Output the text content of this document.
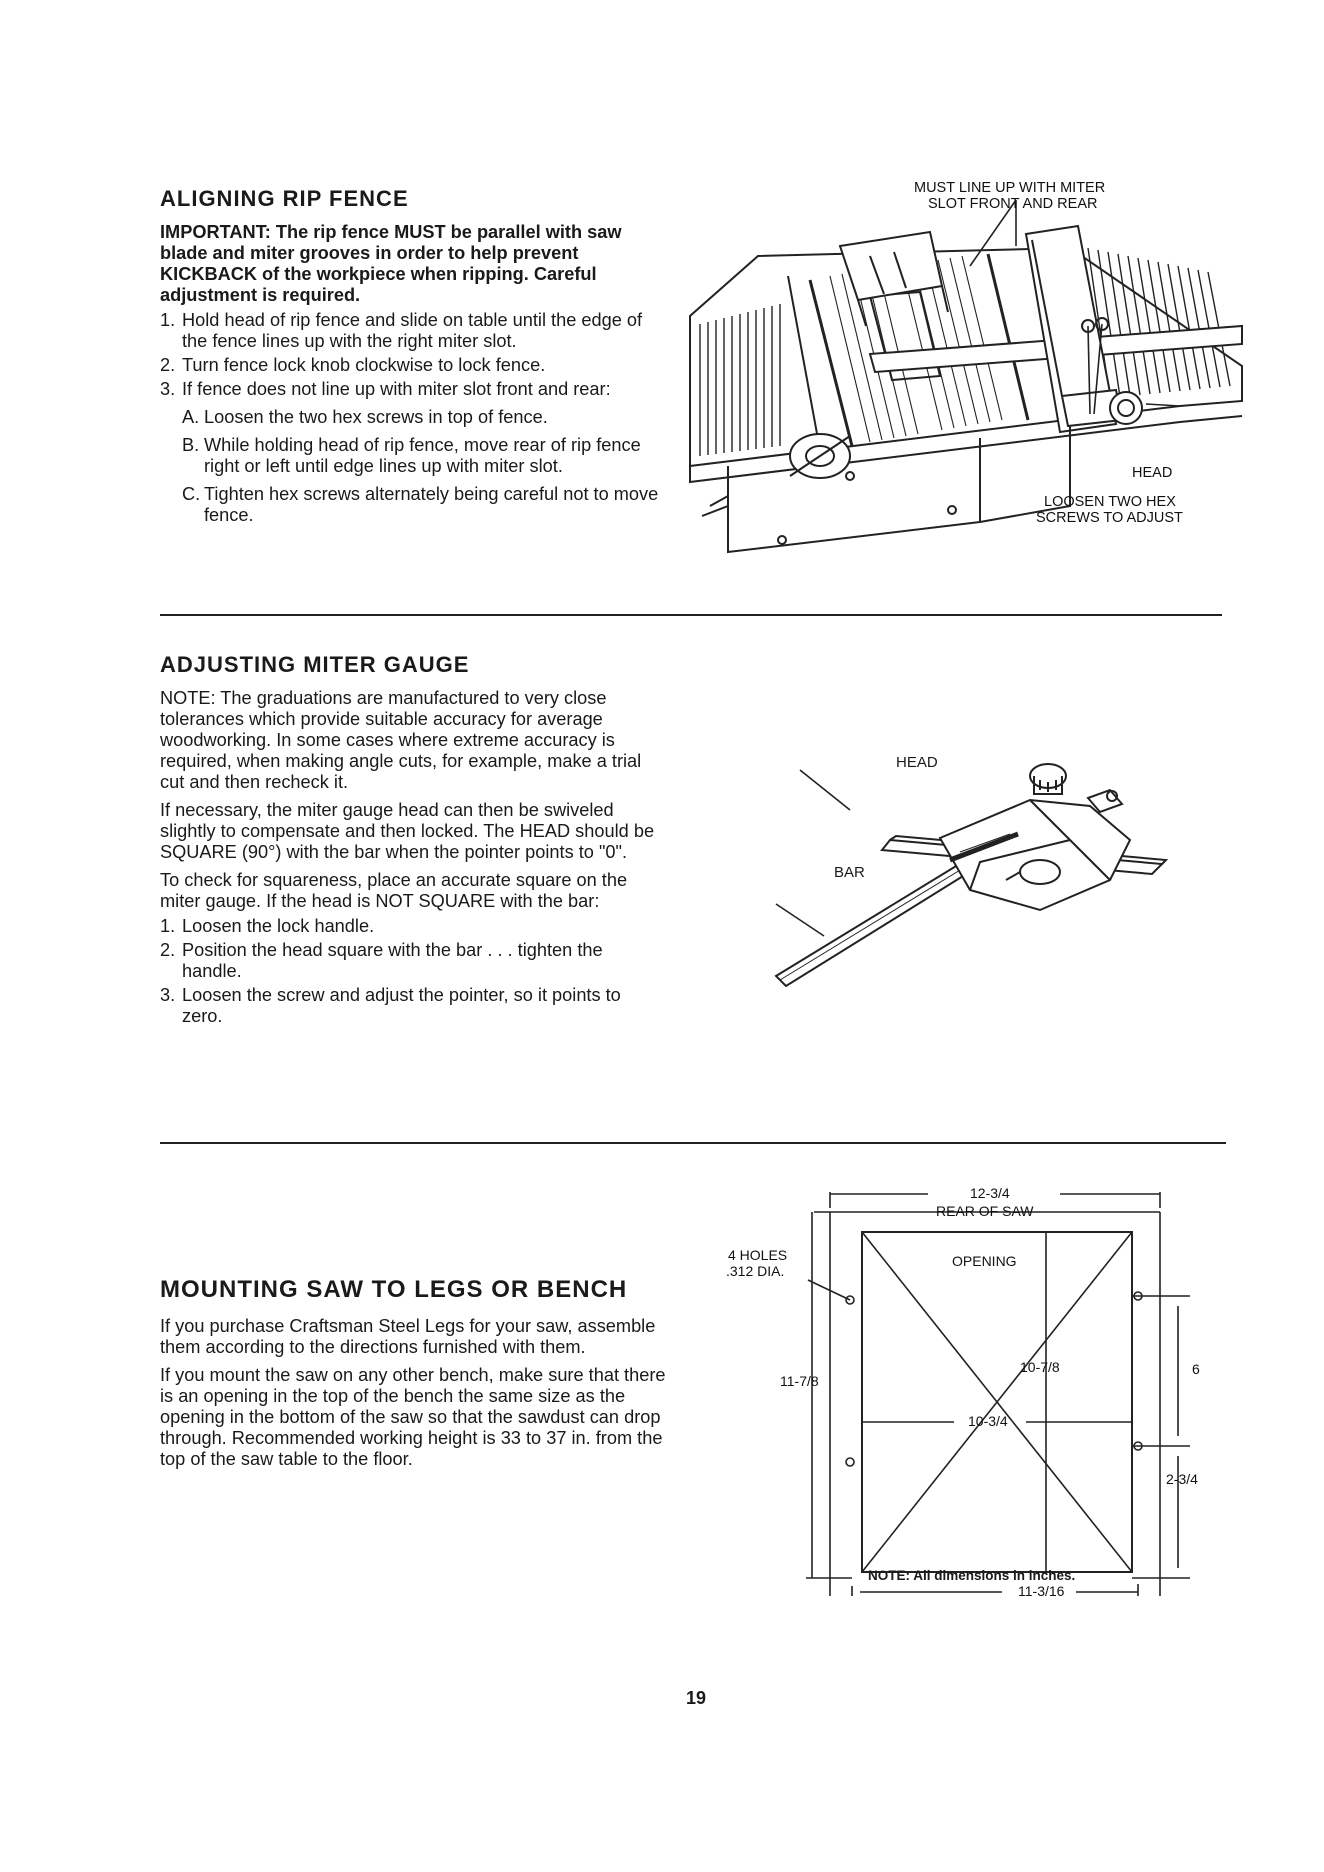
ALIGNING RIP FENCE

IMPORTANT: The rip fence MUST be parallel with saw blade and miter grooves in order to help prevent KICKBACK of the workpiece when ripping. Careful adjustment is required.

1. Hold head of rip fence and slide on table until the edge of the fence lines up with the right miter slot.
2. Turn fence lock knob clockwise to lock fence.
3. If fence does not line up with miter slot front and rear:
A. Loosen the two hex screws in top of fence.
B. While holding head of rip fence, move rear of rip fence right or left until edge lines up with miter slot.
C. Tighten hex screws alternately being careful not to move fence.
MUST LINE UP WITH MITER
SLOT FRONT AND REAR
HEAD
LOOSEN TWO HEX
SCREWS TO ADJUST
ADJUSTING MITER GAUGE

NOTE: The graduations are manufactured to very close tolerances which provide suitable accuracy for average woodworking. In some cases where extreme accuracy is required, when making angle cuts, for example, make a trial cut and then recheck it.

If necessary, the miter gauge head can then be swiveled slightly to compensate and then locked. The HEAD should be SQUARE (90°) with the bar when the pointer points to "0".

To check for squareness, place an accurate square on the miter gauge. If the head is NOT SQUARE with the bar:

1. Loosen the lock handle.
2. Position the head square with the bar . . . tighten the handle.
3. Loosen the screw and adjust the pointer, so it points to zero.
HEAD
BAR
MOUNTING SAW TO LEGS OR BENCH

If you purchase Craftsman Steel Legs for your saw, assemble them according to the directions furnished with them.

If you mount the saw on any other bench, make sure that there is an opening in the top of the bench the same size as the opening in the bottom of the saw so that the sawdust can drop through. Recommended working height is 33 to 37 in. from the top of the saw table to the floor.

12-3/4
REAR OF SAW
OPENING
4 HOLES
.312 DIA.
11-7/8
10-7/8
10-3/4
6
2-3/4
11-3/16
NOTE: All dimensions in inches.
19
